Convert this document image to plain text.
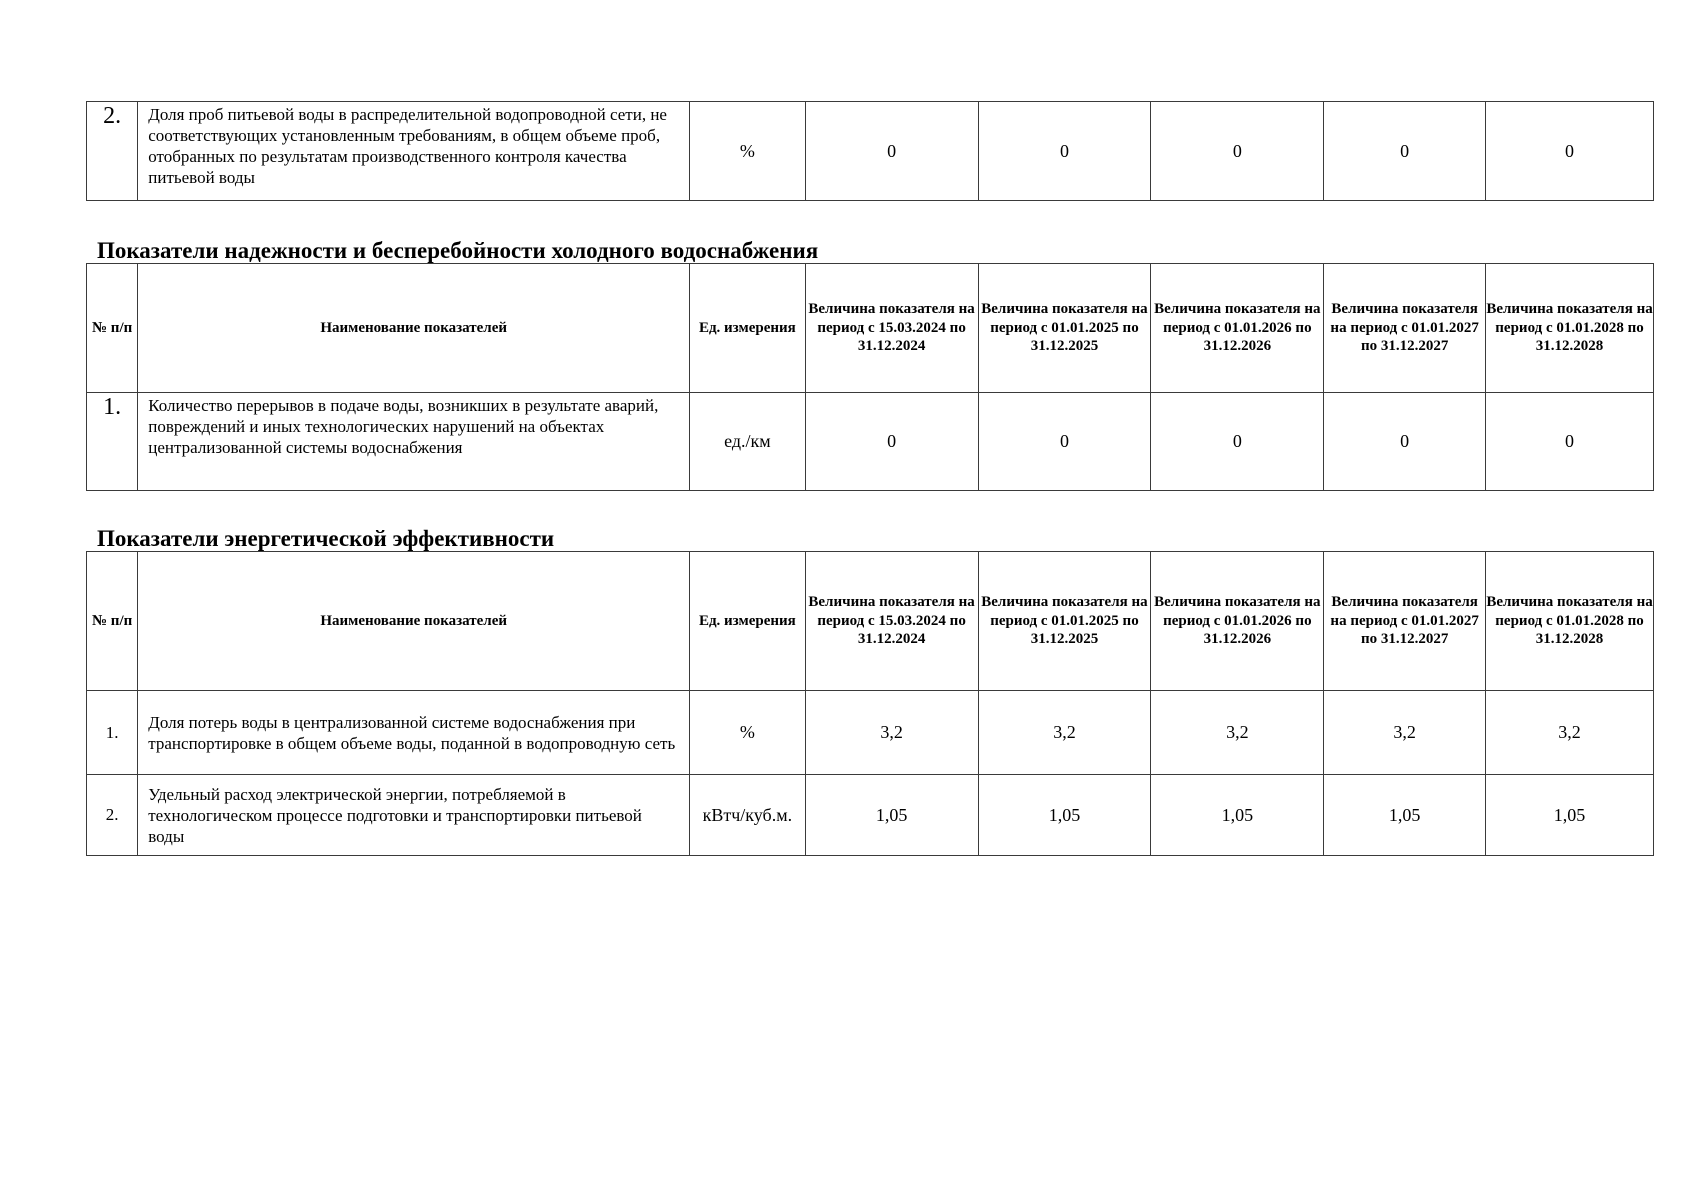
2.	Доля проб питьевой воды в распределительной водопроводной сети, не соответствующих установленным требованиям, в общем объеме проб, отобранных по результатам производственного контроля качества питьевой воды	%	0	0	0	0	0
Показатели надежности и бесперебойности холодного водоснабжения
№ п/п	Наименование показателей	Ед. измерения	Величина показателя на период с 15.03.2024 по 31.12.2024	Величина показателя на период с 01.01.2025 по 31.12.2025	Величина показателя на период с 01.01.2026 по 31.12.2026	Величина показателя на период с 01.01.2027 по 31.12.2027	Величина показателя на период с 01.01.2028 по 31.12.2028
1.	Количество перерывов в подаче воды, возникших в результате аварий, повреждений и иных технологических нарушений на объектах централизованной системы водоснабжения	ед./км	0	0	0	0	0
Показатели энергетической эффективности
№ п/п	Наименование показателей	Ед. измерения	Величина показателя на период с 15.03.2024 по 31.12.2024	Величина показателя на период с 01.01.2025 по 31.12.2025	Величина показателя на период с 01.01.2026 по 31.12.2026	Величина показателя на период с 01.01.2027 по 31.12.2027	Величина показателя на период с 01.01.2028 по 31.12.2028
1.	Доля потерь воды в централизованной системе водоснабжения при транспортировке в общем объеме воды, поданной в водопроводную сеть	%	3,2	3,2	3,2	3,2	3,2
2.	Удельный расход электрической энергии, потребляемой в технологическом процессе подготовки и транспортировки питьевой воды	кВтч/куб.м.	1,05	1,05	1,05	1,05	1,05
